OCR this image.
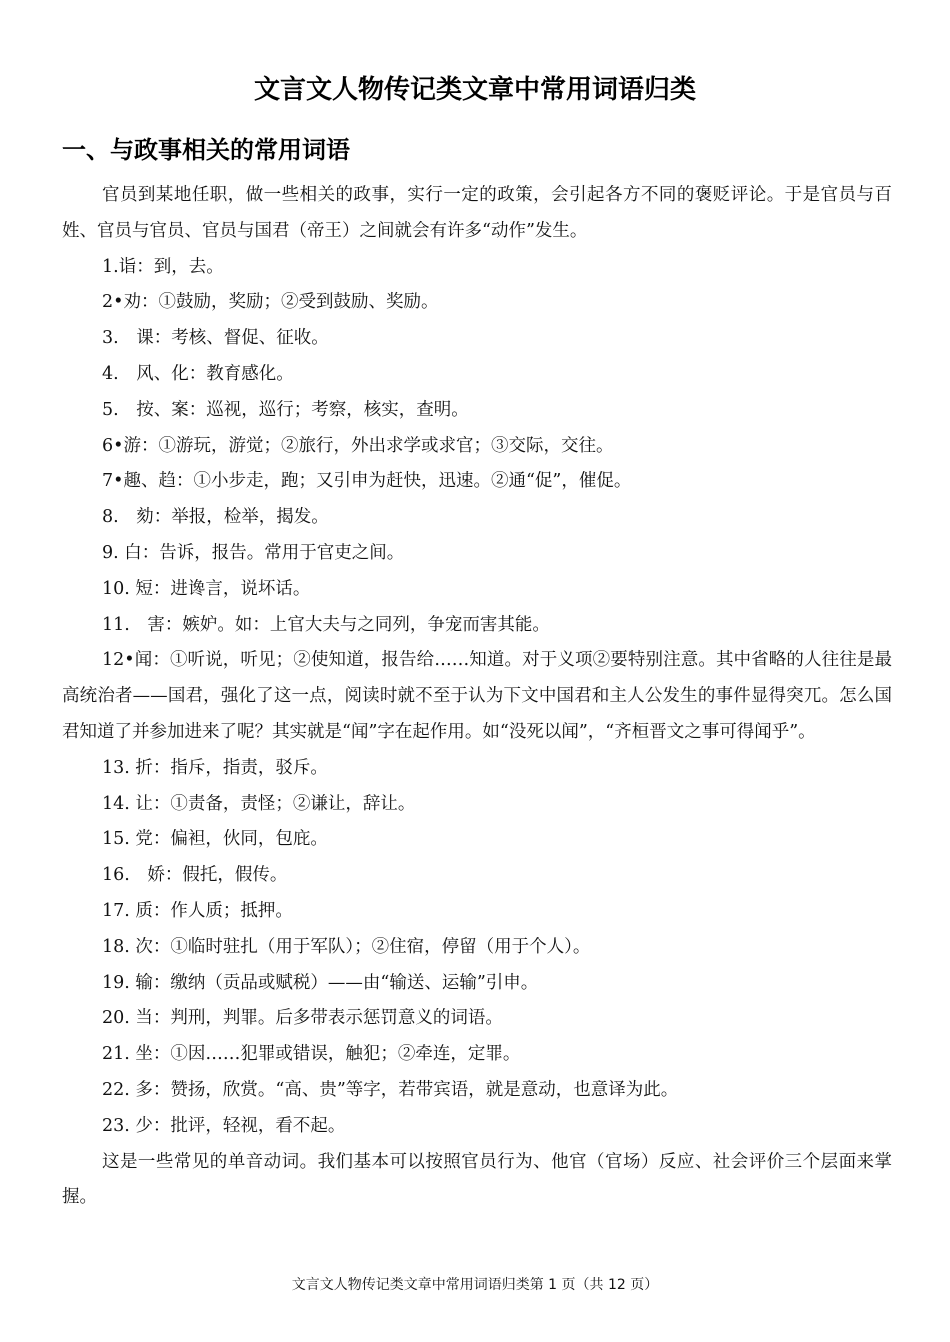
文言文人物传记类文章中常用词语归类
一、与政事相关的常用词语

官员到某地任职，做一些相关的政事，实行一定的政策，会引起各方不同的褒贬评论。于是官员与百姓、官员与官员、官员与国君（帝王）之间就会有许多“动作”发生。

1.诣：到，去。

2•劝：①鼓励，奖励；②受到鼓励、奖励。

3.　课：考核、督促、征收。

4.　风、化：教育感化。

5.　按、案：巡视，巡行；考察，核实，查明。

6•游：①游玩，游觉；②旅行，外出求学或求官；③交际，交往。

7•趣、趋：①小步走，跑；又引申为赶快，迅速。②通“促”，催促。

8.　劾：举报，检举，揭发。

9. 白：告诉，报告。常用于官吏之间。

10. 短：进谗言，说坏话。

11.　害：嫉妒。如：上官大夫与之同列，争宠而害其能。

12•闻：①听说，听见；②使知道，报告给……知道。对于义项②要特别注意。其中省略的人往往是最高统治者——国君，强化了这一点，阅读时就不至于认为下文中国君和主人公发生的事件显得突兀。怎么国君知道了并参加进来了呢？其实就是“闻”字在起作用。如“没死以闻”，“齐桓晋文之事可得闻乎”。

13. 折：指斥，指责，驳斥。

14. 让：①责备，责怪；②谦让，辞让。

15. 党：偏袒，伙同，包庇。

16.　娇：假托，假传。

17. 质：作人质；抵押。

18. 次：①临时驻扎（用于军队）；②住宿，停留（用于个人）。

19. 输：缴纳（贡品或赋税）——由“输送、运输”引申。

20. 当：判刑，判罪。后多带表示惩罚意义的词语。

21. 坐：①因……犯罪或错误，触犯；②牵连，定罪。

22. 多：赞扬，欣赏。“高、贵”等字，若带宾语，就是意动，也意译为此。

23. 少：批评，轻视，看不起。

这是一些常见的单音动词。我们基本可以按照官员行为、他官（官场）反应、社会评价三个层面来掌握。

文言文人物传记类文章中常用词语归类第 1 页（共 12 页）
